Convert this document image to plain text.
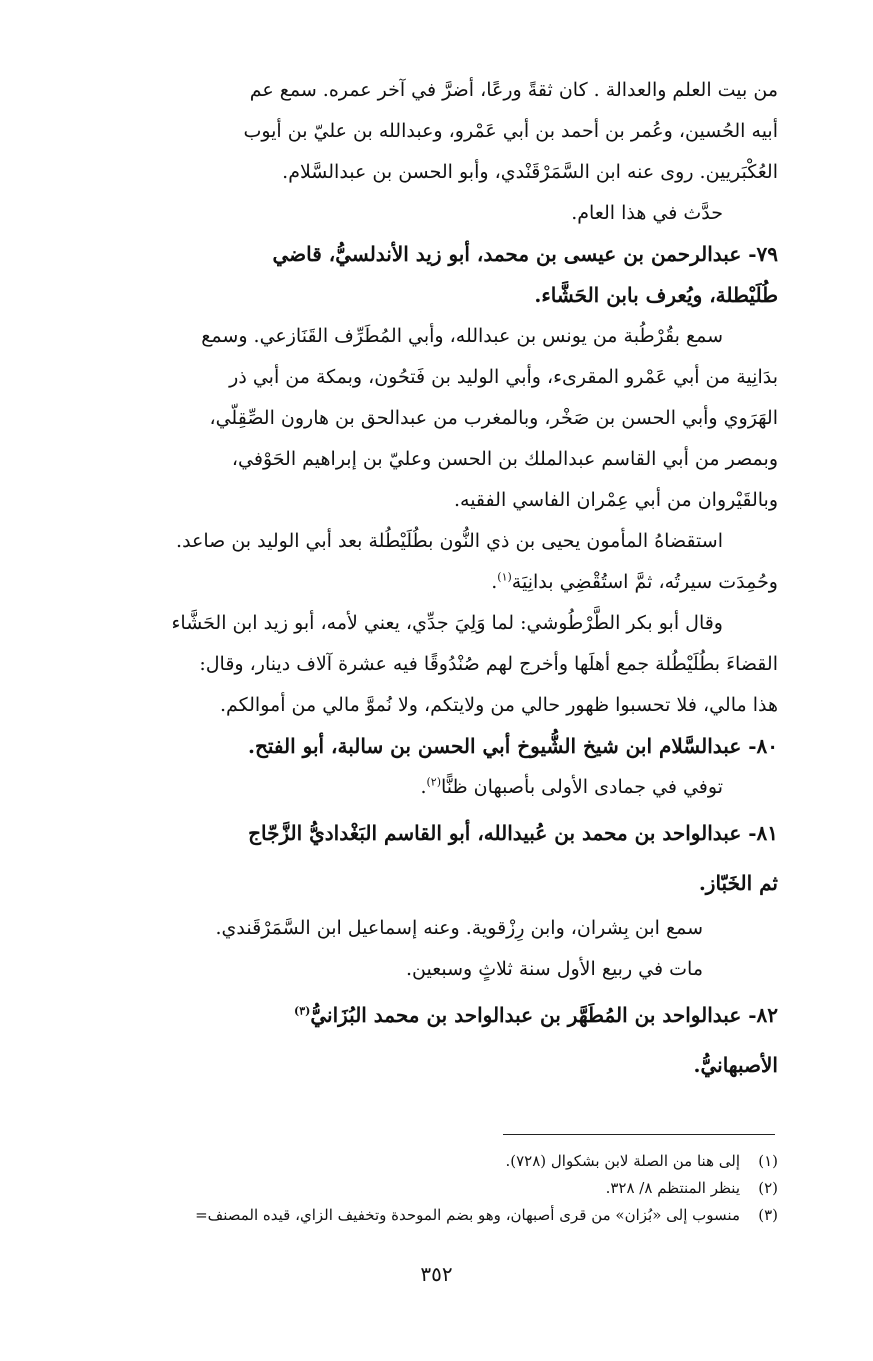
من بيت العلم والعدالة . كان ثقةً ورعًا، أضرَّ في آخر عمره. سمع عم
أبيه الحُسين، وعُمر بن أحمد بن أبي عَمْرو، وعبدالله بن عليّ بن أيوب
العُكْبَريين. روى عنه ابن السَّمَرْقَنْدي، وأبو الحسن بن عبدالسَّلام.
حدَّث في هذا العام.
٧٩- عبدالرحمن بن عيسى بن محمد، أبو زيد الأندلسيُّ، قاضي
طُلَيْطلة، ويُعرف بابن الحَشَّاء.
سمع بقُرْطُبة من يونس بن عبدالله، وأبي المُطَرِّف القَنَازعي. وسمع
بدَانِية من أبي عَمْرو المقرىء، وأبي الوليد بن فَتحُون، وبمكة من أبي ذر
الهَرَوي وأبي الحسن بن صَخْر، وبالمغرب من عبدالحق بن هارون الصِّقِلّي،
وبمصر من أبي القاسم عبدالملك بن الحسن وعليّ بن إبراهيم الحَوْفي،
وبالقَيْروان من أبي عِمْران الفاسي الفقيه.
استقضاهُ المأمون يحيى بن ذي النُّون بطُلَيْطُلة بعد أبي الوليد بن صاعد.
وحُمِدَت سيرتُه، ثمَّ استُقْضِي بدانِيَة$^{(١)}$.
وقال أبو بكر الطَّرْطُوشي: لما وَلِيَ جدِّي، يعني لأمه، أبو زيد ابن الحَشَّاء
القضاءَ بطُلَيْطُلة جمع أهلَها وأخرج لهم صُنْدُوقًا فيه عشرة آلاف دينار، وقال:
هذا مالي، فلا تحسبوا ظهور حالي من ولايتكم، ولا نُموَّ مالي من أموالكم.
٨٠- عبدالسَّلام ابن شيخ الشُّيوخ أبي الحسن بن سالبة، أبو الفتح.
توفي في جمادى الأولى بأصبهان ظنًّا$^{(٢)}$.
٨١- عبدالواحد بن محمد بن عُبيدالله، أبو القاسم البَغْداديُّ الزَّجّاج
ثم الخَبّاز.
سمع ابن بِشران، وابن رِزْقوية. وعنه إسماعيل ابن السَّمَرْقَندي.
مات في ربيع الأول سنة ثلاثٍ وسبعين.
٨٢- عبدالواحد بن المُطَهَّر بن عبدالواحد بن محمد البُزَانيُّ$^{(٣)}$
الأصبهانيُّ.
(١)إلى هنا من الصلة لابن بشكوال (٧٢٨).
(٢)ينظر المنتظم ٨/ ٣٢٨.
(٣)منسوب إلى «بُزان» من قرى أصبهان، وهو بضم الموحدة وتخفيف الزاي، قيده المصنف=
٣٥٢
